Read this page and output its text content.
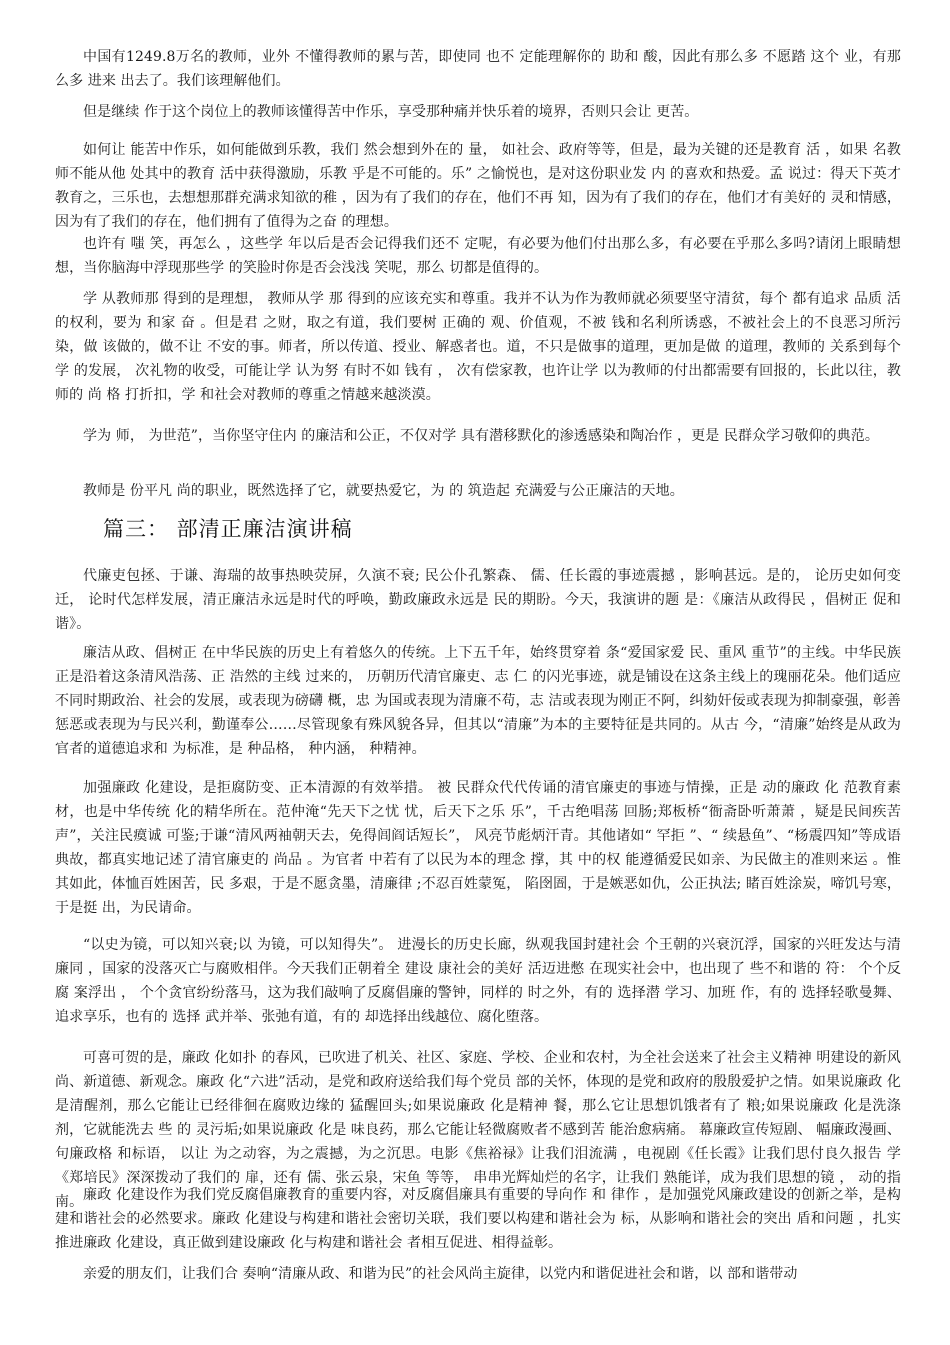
中国有1249.8万名的教师，业外 不懂得教师的累与苦，即使同 也不 定能理解你的 助和 酸，因此有那么多 不愿踏 这个 业，有那么多 进来 出去了。我们该理解他们。

但是继续 作于这个岗位上的教师该懂得苦中作乐，享受那种痛并快乐着的境界，否则只会让 更苦。

如何让 能苦中作乐，如何能做到乐教，我们 然会想到外在的 量， 如社会、政府等等，但是，最为关键的还是教育 活 ，如果 名教师不能从他 处其中的教育 活中获得激励，乐教 乎是不可能的。乐” 之愉悦也，是对这份职业发 内 的喜欢和热爱。孟 说过：得天下英才 教育之，三乐也，去想想那群充满求知欲的稚 ，因为有了我们的存在，他们不再 知，因为有了我们的存在，他们才有美好的 灵和情感，因为有了我们的存在，他们拥有了值得为之奋 的理想。

也许有 嗤 笑，再怎么 ，这些学 年以后是否会记得我们还不 定呢，有必要为他们付出那么多，有必要在乎那么多吗?请闭上眼睛想 想，当你脑海中浮现那些学 的笑脸时你是否会浅浅 笑呢，那么 切都是值得的。

学 从教师那 得到的是理想， 教师从学 那 得到的应该充实和尊重。我并不认为作为教师就必须要坚守清贫，每个 都有追求 品质 活的权利，要为 和家 奋 。但是君 之财，取之有道，我们要树 正确的 观、价值观，不被 钱和名利所诱惑，不被社会上的不良恶习所污染，做 该做的，做不让 不安的事。师者，所以传道、授业、解惑者也。道，不只是做事的道理，更加是做 的道理，教师的 关系到每个学 的发展， 次礼物的收受，可能让学 认为努 有时不如 钱有 ， 次有偿家教，也许让学 以为教师的付出都需要有回报的，长此以往，教师的 尚 格 打折扣，学 和社会对教师的尊重之情越来越淡漠。

学为 师， 为世范”，当你坚守住内 的廉洁和公正，不仅对学 具有潜移默化的渗透感染和陶冶作 ，更是 民群众学习敬仰的典范。

教师是 份平凡 尚的职业，既然选择了它，就要热爱它，为 的 筑造起 充满爱与公正廉洁的天地。

篇三： 部清正廉洁演讲稿

代廉吏包拯、于谦、海瑞的故事热映荧屏，久演不衰; 民公仆孔繁森、 儒、任长霞的事迹震撼 ，影响甚远。是的， 论历史如何变迁， 论时代怎样发展，清正廉洁永远是时代的呼唤，勤政廉政永远是 民的期盼。今天，我演讲的题 是：《廉洁从政得民 ，倡树正 促和谐》。

廉洁从政、倡树正 在中华民族的历史上有着悠久的传统。上下五千年，始终贯穿着 条“爱国家爱 民、重风 重节”的主线。中华民族正是沿着这条清风浩荡、正 浩然的主线 过来的， 历朝历代清官廉吏、志 仁 的闪光事迹，就是铺设在这条主线上的瑰丽花朵。他们适应不同时期政治、社会的发展，或表现为磅礴 概，忠 为国或表现为清廉不苟，志 洁或表现为刚正不阿，纠劾奸佞或表现为抑制豪强，彰善惩恶或表现为与民兴利，勤谨奉公……尽管现象有殊风貌各异，但其以“清廉”为本的主要特征是共同的。从古 今，“清廉”始终是从政为官者的道德追求和 为标准，是 种品格， 种内涵， 种精神。

加强廉政 化建设，是拒腐防变、正本清源的有效举措。 被 民群众代代传诵的清官廉吏的事迹与情操，正是 动的廉政 化 范教育素材，也是中华传统 化的精华所在。范仲淹“先天下之忧 忧，后天下之乐 乐”，千古绝唱荡 回肠;郑板桥“衙斋卧听萧萧 ，疑是民间疾苦声”，关注民瘼诚 可鉴;于谦“清风两袖朝天去，免得闾阎话短长”， 风亮节彪炳汗青。其他诸如“ 罕拒 ”、“ 续悬鱼”、“杨震四知”等成语典故，都真实地记述了清官廉吏的 尚品 。为官者 中若有了以民为本的理念 撑，其 中的权 能遵循爱民如亲、为民做主的准则来运 。惟其如此，体恤百姓困苦，民 多艰，于是不愿贪墨，清廉律 ;不忍百姓蒙冤， 陷囹圄，于是嫉恶如仇，公正执法; 睹百姓涂炭，啼饥号寒，于是挺 出，为民请命。

“以史为镜，可以知兴衰;以 为镜，可以知得失”。 进漫长的历史长廊，纵观我国封建社会 个王朝的兴衰沉浮，国家的兴旺发达与清廉同 ，国家的没落灭亡与腐败相伴。今天我们正朝着全 建设 康社会的美好 活迈进憋 在现实社会中，也出现了 些不和谐的 符： 个个反腐 案浮出 ， 个个贪官纷纷落马，这为我们敲响了反腐倡廉的警钟，同样的 时之外，有的 选择潜 学习、加班 作，有的 选择轻歌曼舞、追求享乐，也有的 选择 武并举、张弛有道，有的 却选择出线越位、腐化堕落。

可喜可贺的是，廉政 化如扑 的春风，已吹进了机关、社区、家庭、学校、企业和农村，为全社会送来了社会主义精神 明建设的新风尚、新道德、新观念。廉政 化“六进”活动，是党和政府送给我们每个党员 部的关怀，体现的是党和政府的殷殷爱护之情。如果说廉政 化是清醒剂，那么它能让已经徘徊在腐败边缘的 猛醒回头;如果说廉政 化是精神 餐，那么它让思想饥饿者有了 粮;如果说廉政 化是洗涤剂，它就能洗去 些 的 灵污垢;如果说廉政 化是 味良药，那么它能让轻微腐败者不感到苦 能治愈病痛。 幕廉政宣传短剧、 幅廉政漫画、 句廉政格 和标语， 以让 为之动容，为之震撼，为之沉思。电影《焦裕禄》让我们泪流满 ，电视剧《任长霞》让我们思付良久报告 学《郑培民》深深拨动了我们的 扉，还有 儒、张云泉，宋鱼 等等， 串串光辉灿烂的名字，让我们 熟能详，成为我们思想的镜 ， 动的指南。 廉政 化建设作为我们党反腐倡廉教育的重要内容，对反腐倡廉具有重要的导向作 和 律作 ，是加强党风廉政建设的创新之举，是构建和谐社会的必然要求。廉政 化建设与构建和谐社会密切关联，我们要以构建和谐社会为 标，从影响和谐社会的突出 盾和问题 ，扎实推进廉政 化建设，真正做到建设廉政 化与构建和谐社会 者相互促进、相得益彰。

亲爱的朋友们，让我们合 奏响“清廉从政、和谐为民”的社会风尚主旋律，以党内和谐促进社会和谐，以 部和谐带动
